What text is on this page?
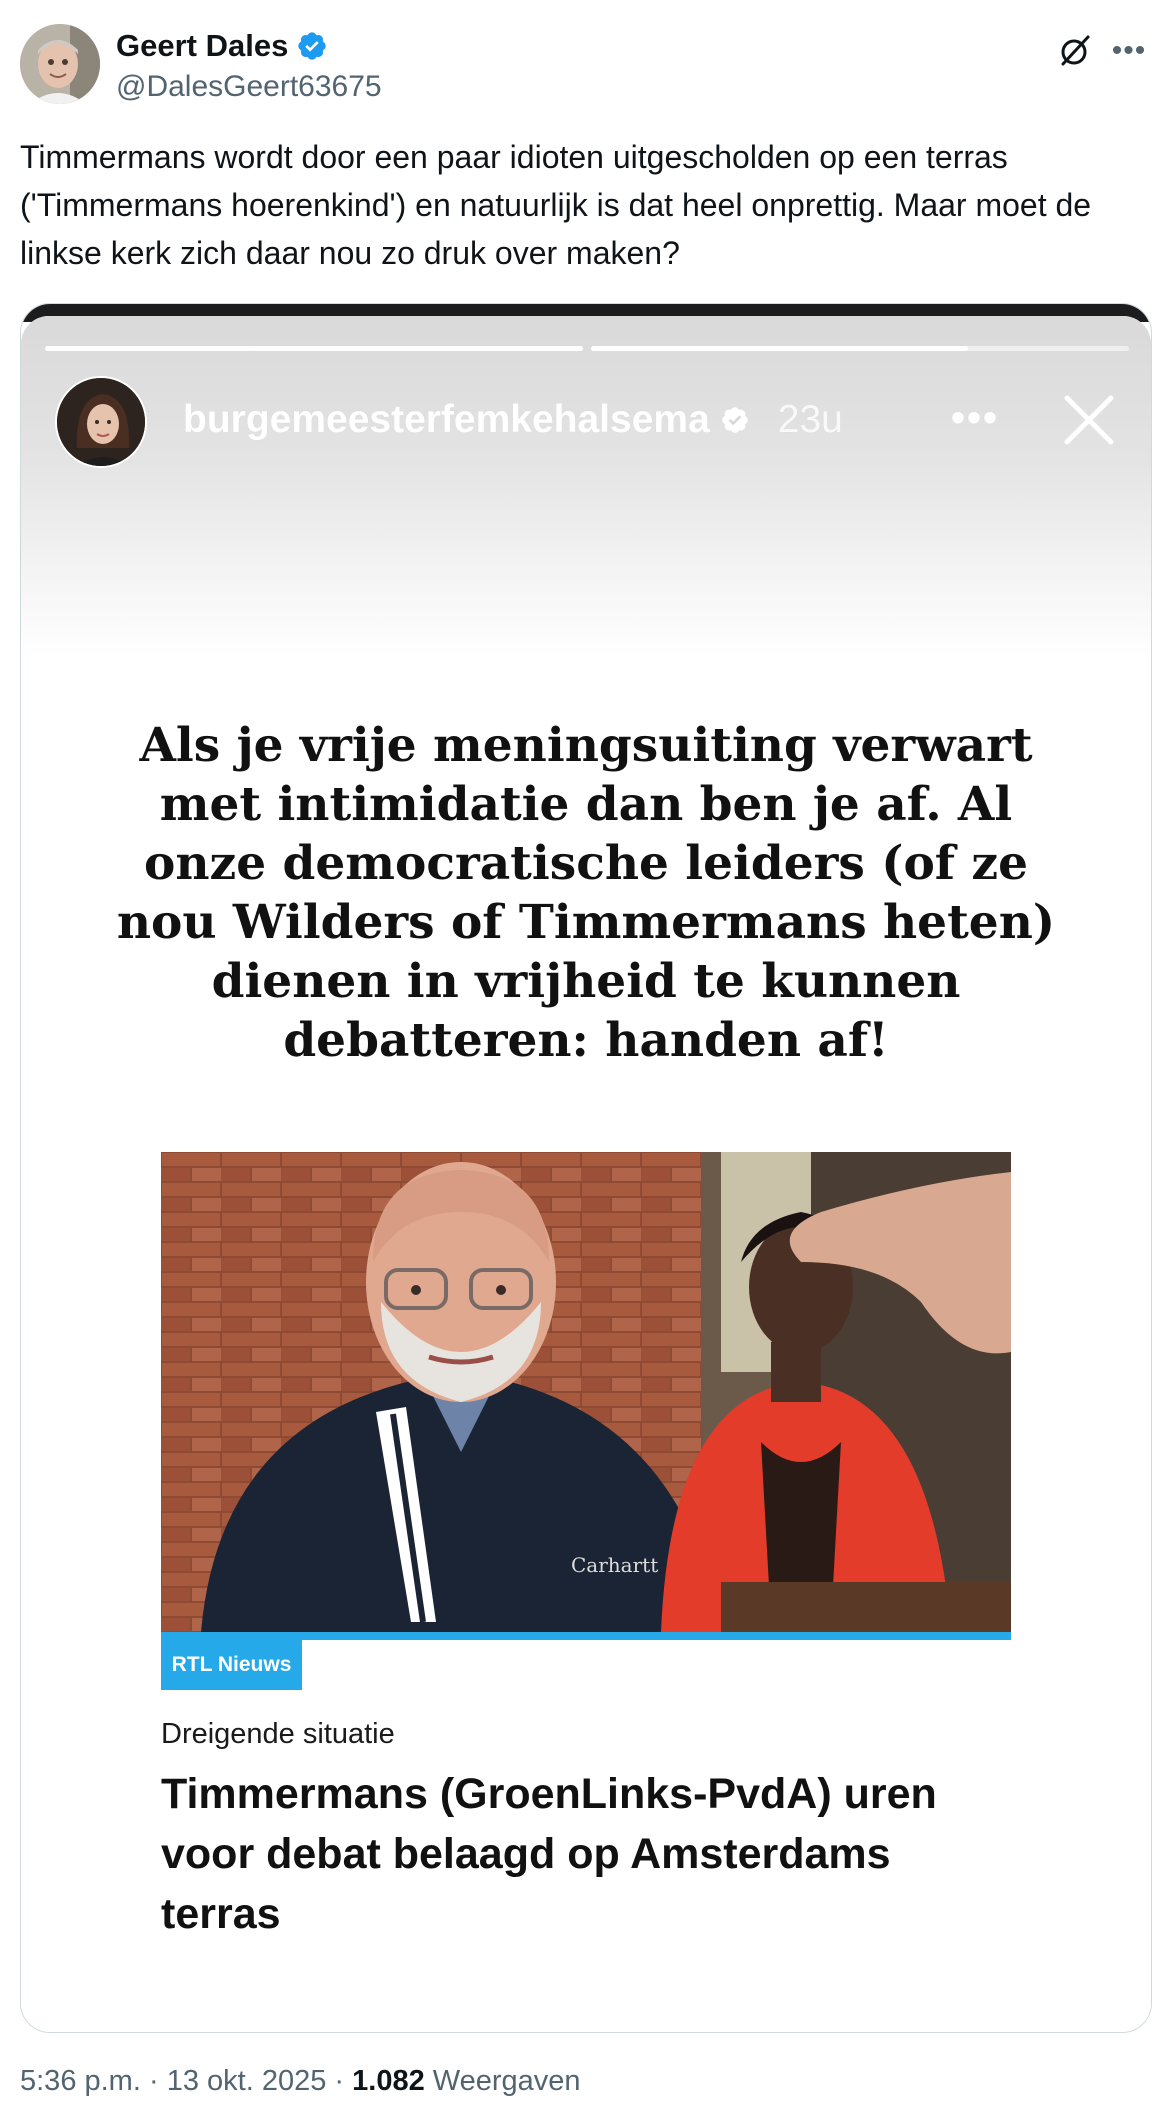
Geert Dales
@DalesGeert63675
•••
Timmermans wordt door een paar idioten uitgescholden op een terras ('Timmermans hoerenkind') en natuurlijk is dat heel onprettig. Maar moet de linkse kerk zich daar nou zo druk over maken?
burgemeesterfemkehalsema 23u	•••
Als je vrije meningsuiting verwart met intimidatie dan ben je af. Al onze democratische leiders (of ze nou Wilders of Timmermans heten) dienen in vrijheid te kunnen debatteren: handen af!
Carhartt
RTL Nieuws
Dreigende situatie
Timmermans (GroenLinks-PvdA) uren voor debat belaagd op Amsterdams terras
5:36 p.m. · 13 okt. 2025 · 1.082 Weergaven
